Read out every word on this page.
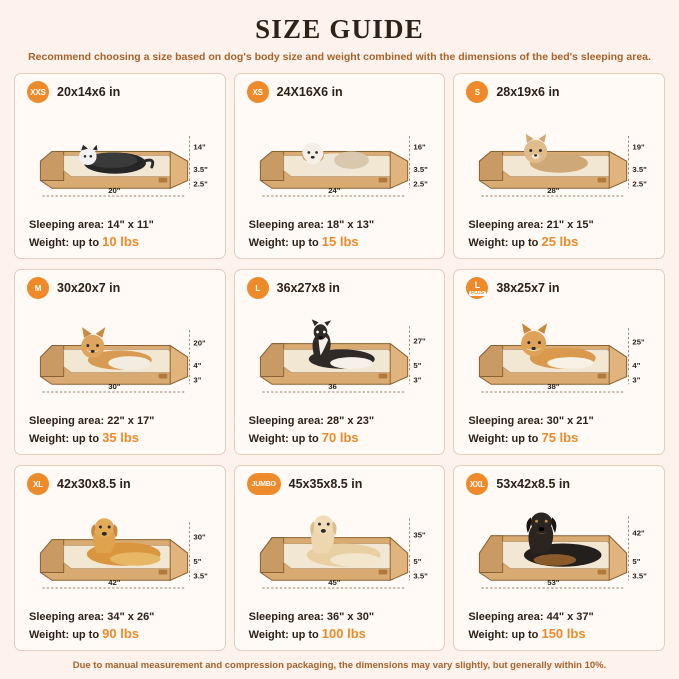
SIZE GUIDE
Recommend choosing a size based on dog's body size and weight combined with the dimensions of the bed's sleeping area.
XXS 20x14x6 in
14"
3.5"
2.5"
20"
Sleeping area: 14" x 11"
Weight: up to 10 lbs
XS	24X16X6 in
16"
3.5"
2.5"
24"
Sleeping area: 18" x 13"
Weight: up to 15 lbs
S	28x19x6 in
19"
3.5"
2.5"
28"
Sleeping area: 21" x 15"
Weight: up to 25 lbs
M	30x20x7 in
20"
4"
3"
30"
Sleeping area: 22" x 17"
Weight: up to 35 lbs
L	36x27x8 in
27"
5"
3"
36
Sleeping area: 28" x 23"
Weight: up to 70 lbs
L
PLUS 38x25x7 in
25"
4"
3"
38"
Sleeping area: 30" x 21"
Weight: up to 75 lbs
XL	42x30x8.5 in
30"
5"
3.5"
42"
Sleeping area: 34" x 26"
Weight: up to 90 lbs
JUMBO	45x35x8.5 in
35"
5"
3.5"
45"
Sleeping area: 36" x 30"
Weight: up to 100 lbs
XXL 53x42x8.5 in
42"
5"
3.5"
53"
Sleeping area: 44" x 37"
Weight: up to 150 lbs
Due to manual measurement and compression packaging, the dimensions may vary slightly, but generally within 10%.
